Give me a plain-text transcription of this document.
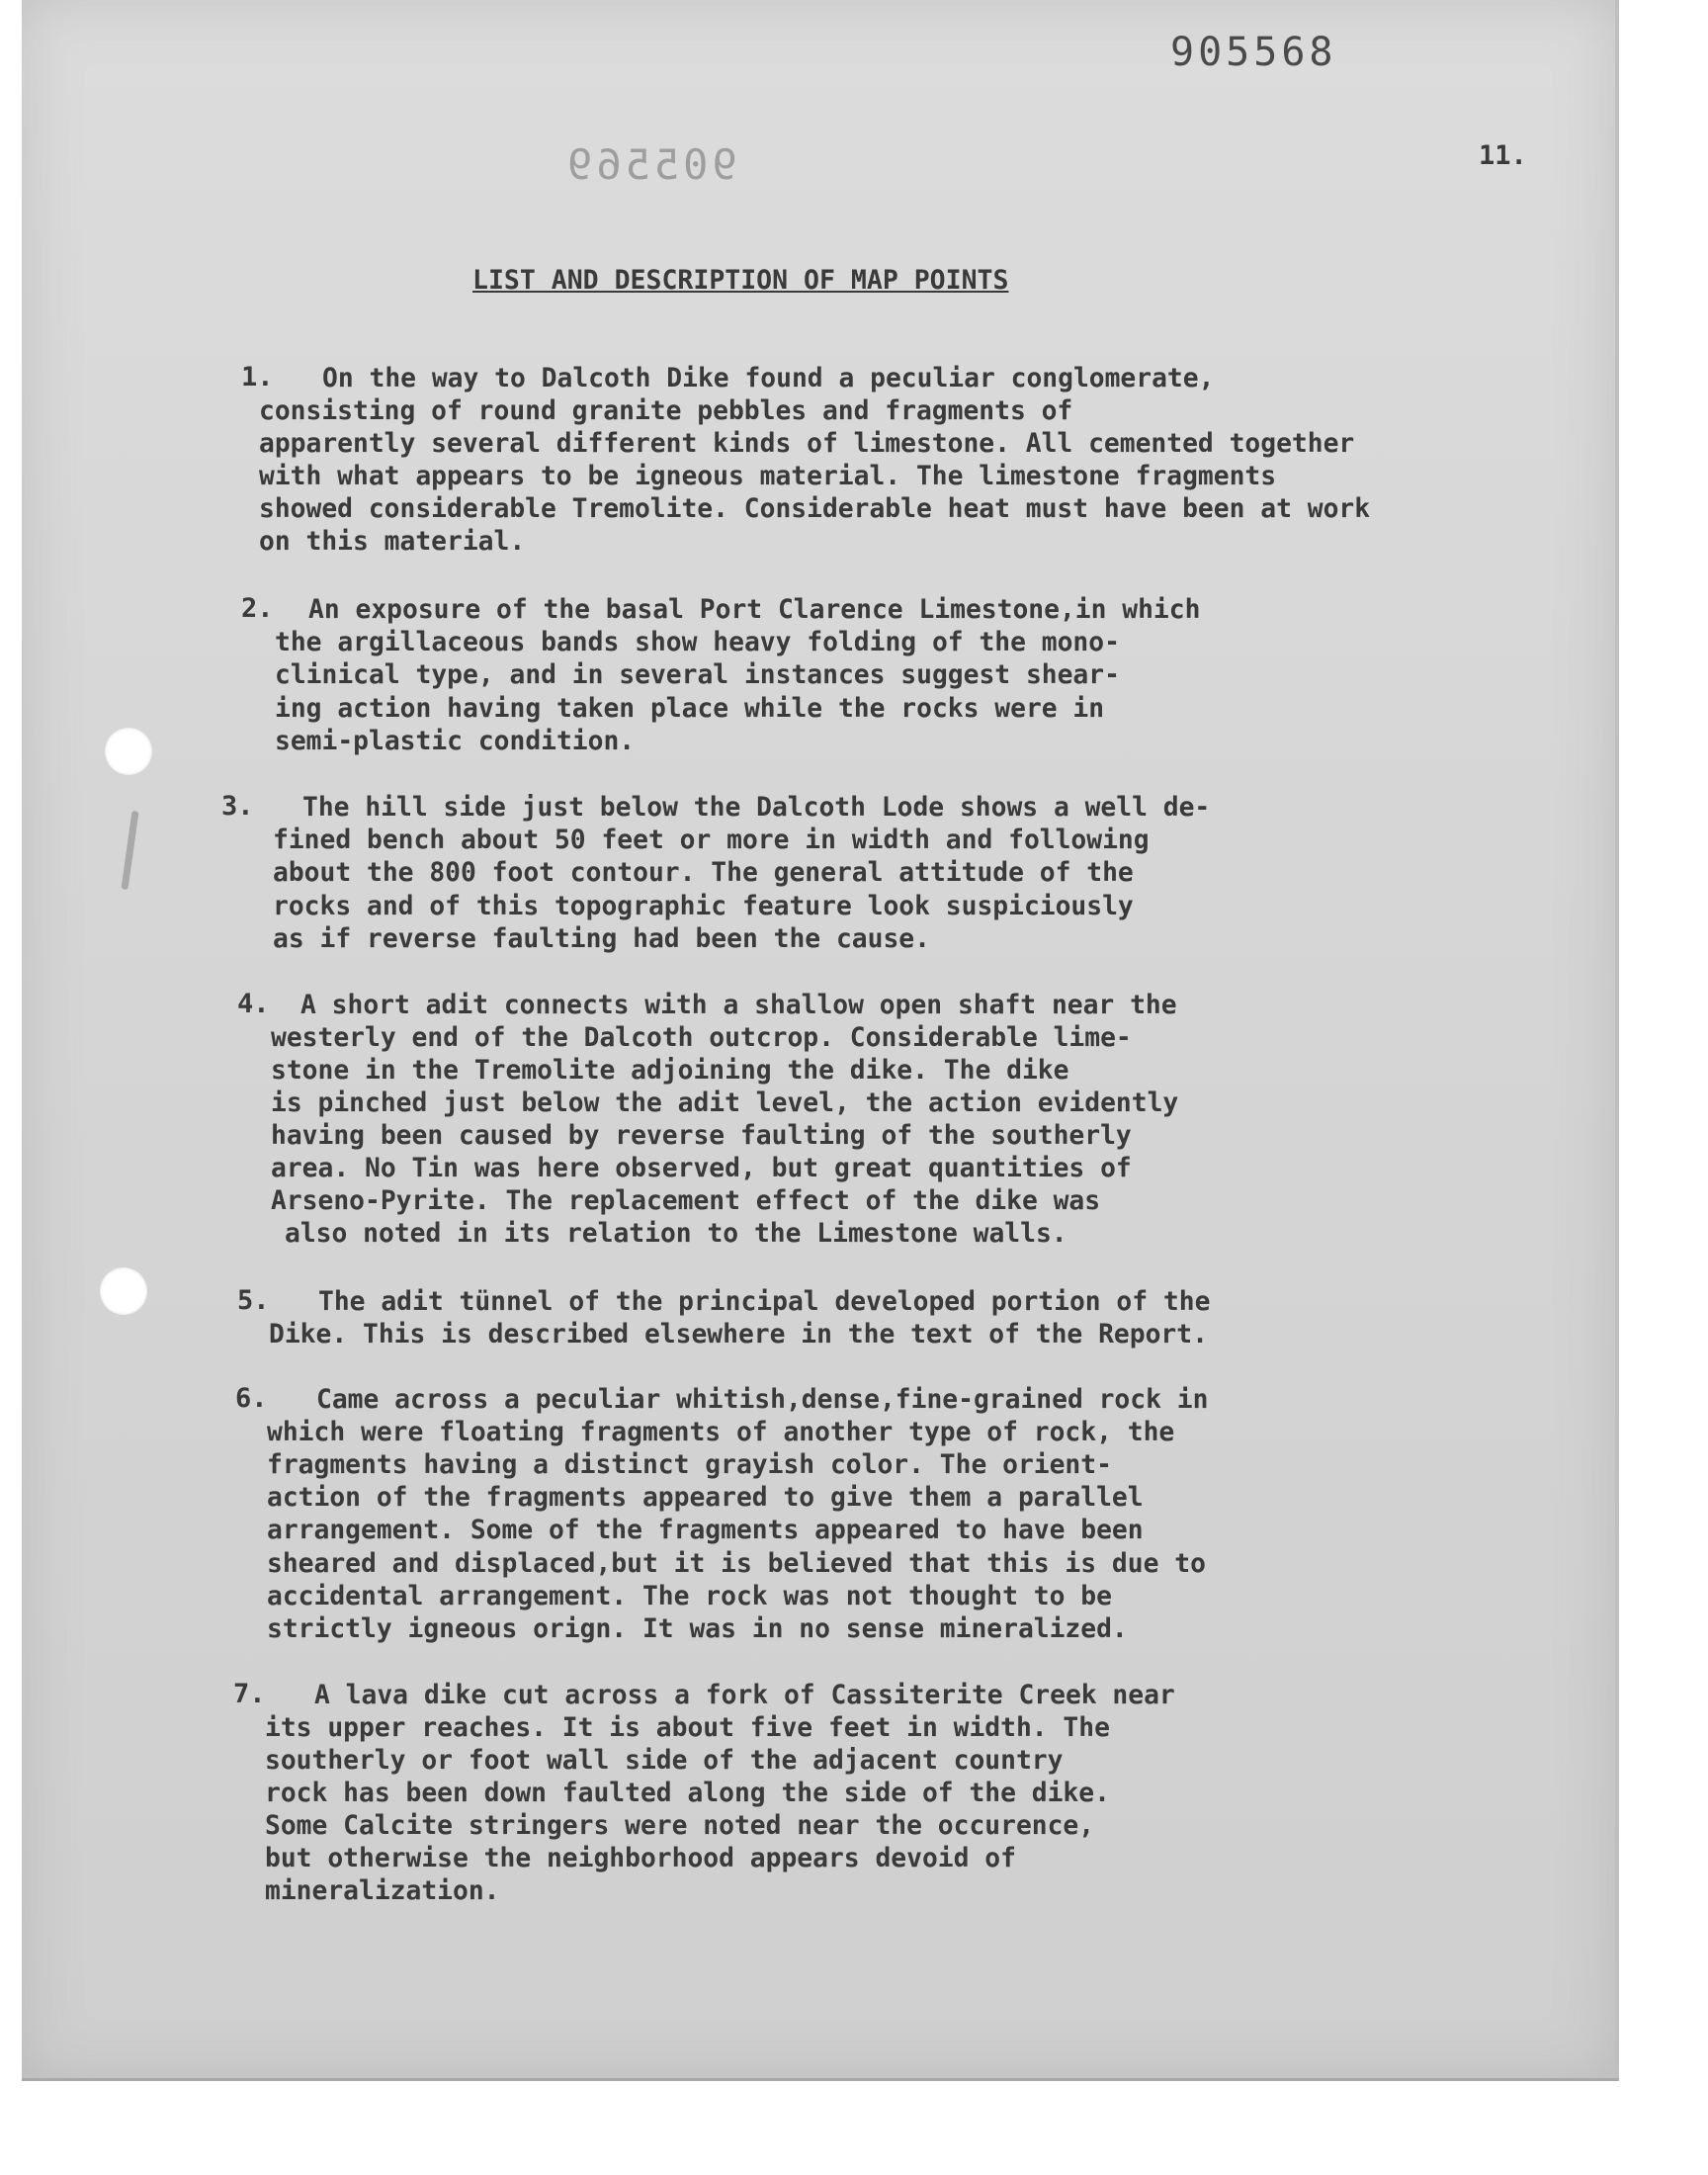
905568
905569	11.
LIST AND DESCRIPTION OF MAP POINTS
1. On the way to Dalcoth Dike found a peculiar conglomerate,
consisting of round granite pebbles and fragments of
apparently several different kinds of limestone. All cemented together
with what appears to be igneous material. The limestone fragments
showed considerable Tremolite. Considerable heat must have been at work
on this material.
2. An exposure of the basal Port Clarence Limestone,in which
the argillaceous bands show heavy folding of the mono-
clinical type, and in several instances suggest shear-
ing action having taken place while the rocks were in
semi-plastic condition.
3. The hill side just below the Dalcoth Lode shows a well de-
fined bench about 50 feet or more in width and following
about the 800 foot contour. The general attitude of the
rocks and of this topographic feature look suspiciously
as if reverse faulting had been the cause.
4. A short adit connects with a shallow open shaft near the
westerly end of the Dalcoth outcrop. Considerable lime-
stone in the Tremolite adjoining the dike. The dike
is pinched just below the adit level, the action evidently
having been caused by reverse faulting of the southerly
area. No Tin was here observed, but great quantities of
Arseno-Pyrite. The replacement effect of the dike was
also noted in its relation to the Limestone walls.
5. The adit tünnel of the principal developed portion of the
Dike. This is described elsewhere in the text of the Report.
6. Came across a peculiar whitish,dense,fine-grained rock in
which were floating fragments of another type of rock, the
fragments having a distinct grayish color. The orient-
action of the fragments appeared to give them a parallel
arrangement. Some of the fragments appeared to have been
sheared and displaced,but it is believed that this is due to
accidental arrangement. The rock was not thought to be
strictly igneous orign. It was in no sense mineralized.
7. A lava dike cut across a fork of Cassiterite Creek near
its upper reaches. It is about five feet in width. The
southerly or foot wall side of the adjacent country
rock has been down faulted along the side of the dike.
Some Calcite stringers were noted near the occurence,
but otherwise the neighborhood appears devoid of
mineralization.
